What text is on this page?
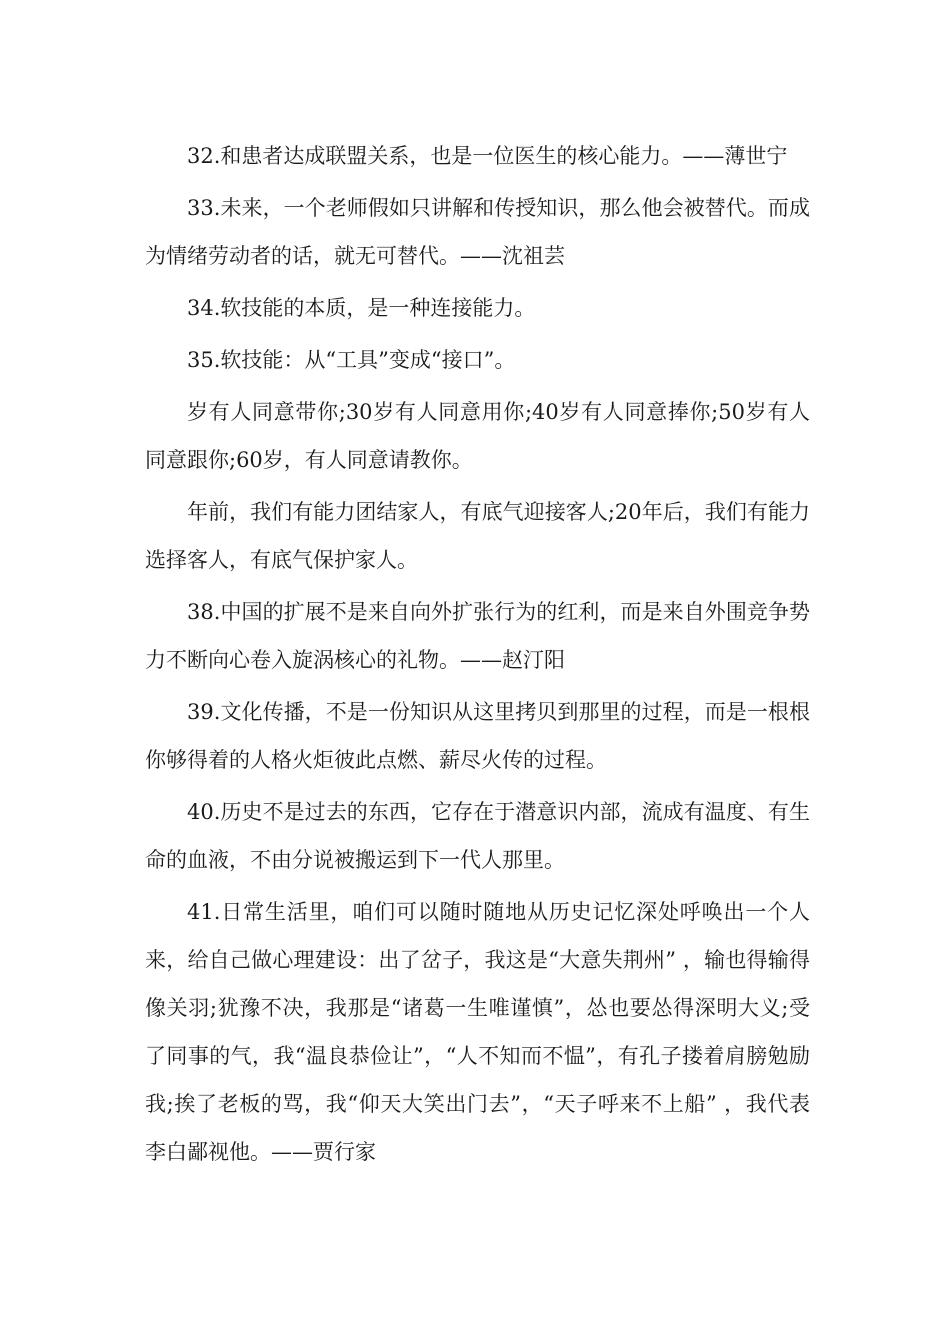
32.和患者达成联盟关系，也是一位医生的核心能力。——薄世宁

33.未来，一个老师假如只讲解和传授知识，那么他会被替代。而成为情绪劳动者的话，就无可替代。——沈祖芸

34.软技能的本质，是一种连接能力。

35.软技能：从“工具”变成“接口”。

岁有人同意带你;30岁有人同意用你;40岁有人同意捧你;50岁有人同意跟你;60岁，有人同意请教你。

年前，我们有能力团结家人，有底气迎接客人;20年后，我们有能力选择客人，有底气保护家人。

38.中国的扩展不是来自向外扩张行为的红利，而是来自外围竞争势力不断向心卷入旋涡核心的礼物。——赵汀阳

39.文化传播，不是一份知识从这里拷贝到那里的过程，而是一根根你够得着的人格火炬彼此点燃、薪尽火传的过程。

40.历史不是过去的东西，它存在于潜意识内部，流成有温度、有生命的血液，不由分说被搬运到下一代人那里。

41.日常生活里，咱们可以随时随地从历史记忆深处呼唤出一个人来，给自己做心理建设：出了岔子，我这是“大意失荆州” ，输也得输得像关羽;犹豫不决，我那是“诸葛一生唯谨慎”，怂也要怂得深明大义;受了同事的气，我“温良恭俭让”，“人不知而不愠”，有孔子搂着肩膀勉励我;挨了老板的骂，我“仰天大笑出门去”，“天子呼来不上船” ，我代表李白鄙视他。——贾行家
